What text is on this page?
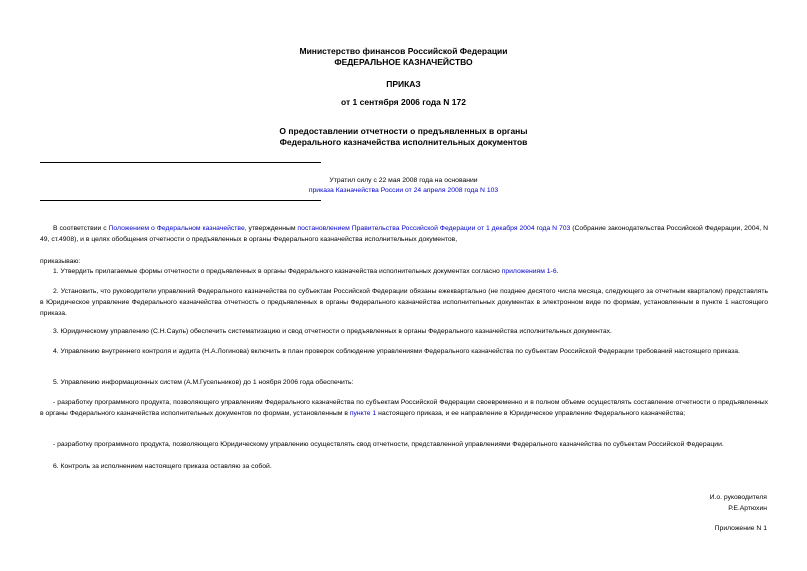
Министерство финансов Российской Федерации
ФЕДЕРАЛЬНОЕ КАЗНАЧЕЙСТВО
ПРИКАЗ
от 1 сентября 2006 года N 172
О предоставлении отчетности о предъявленных в органы
Федерального казначейства исполнительных документов
Утратил силу с 22 мая 2008 года на основании
приказа Казначейства России от 24 апреля 2008 года N 103

В соответствии с Положением о Федеральном казначействе, утвержденным постановлением Правительства Российской Федерации от 1 декабря 2004 года N 703 (Собрание законодательства Российской Федерации, 2004, N 49, ст.4908), и в целях обобщения отчетности о предъявленных в органы Федерального казначейства исполнительных документов,

приказываю:

1. Утвердить прилагаемые формы отчетности о предъявленных в органы Федерального казначейства исполнительных документах согласно приложениям 1-6.

2. Установить, что руководители управлений Федерального казначейства по субъектам Российской Федерации обязаны ежеквартально (не позднее десятого числа месяца, следующего за отчетным кварталом) представлять в Юридическое управление Федерального казначейства отчетность о предъявленных в органы Федерального казначейства исполнительных документах в электронном виде по формам, установленным в пункте 1 настоящего приказа.

3. Юридическому управлению (С.Н.Сауль) обеспечить систематизацию и свод отчетности о предъявленных в органы Федерального казначейства исполнительных документах.

4. Управлению внутреннего контроля и аудита (Н.А.Логинова) включить в план проверок соблюдение управлениями Федерального казначейства по субъектам Российской Федерации требований настоящего приказа.

5. Управлению информационных систем (А.М.Гусельников) до 1 ноября 2006 года обеспечить:

- разработку программного продукта, позволяющего управлениям Федерального казначейства по субъектам Российской Федерации своевременно и в полном объеме осуществлять составление отчетности о предъявленных в органы Федерального казначейства исполнительных документов по формам, установленным в пункте 1 настоящего приказа, и ее направление в Юридическое управление Федерального казначейства;

- разработку программного продукта, позволяющего Юридическому управлению осуществлять свод отчетности, представленной управлениями Федерального казначейства по субъектам Российской Федерации.

6. Контроль за исполнением настоящего приказа оставляю за собой.

И.о. руководителя
Р.Е.Артюхин
Приложение N 1
